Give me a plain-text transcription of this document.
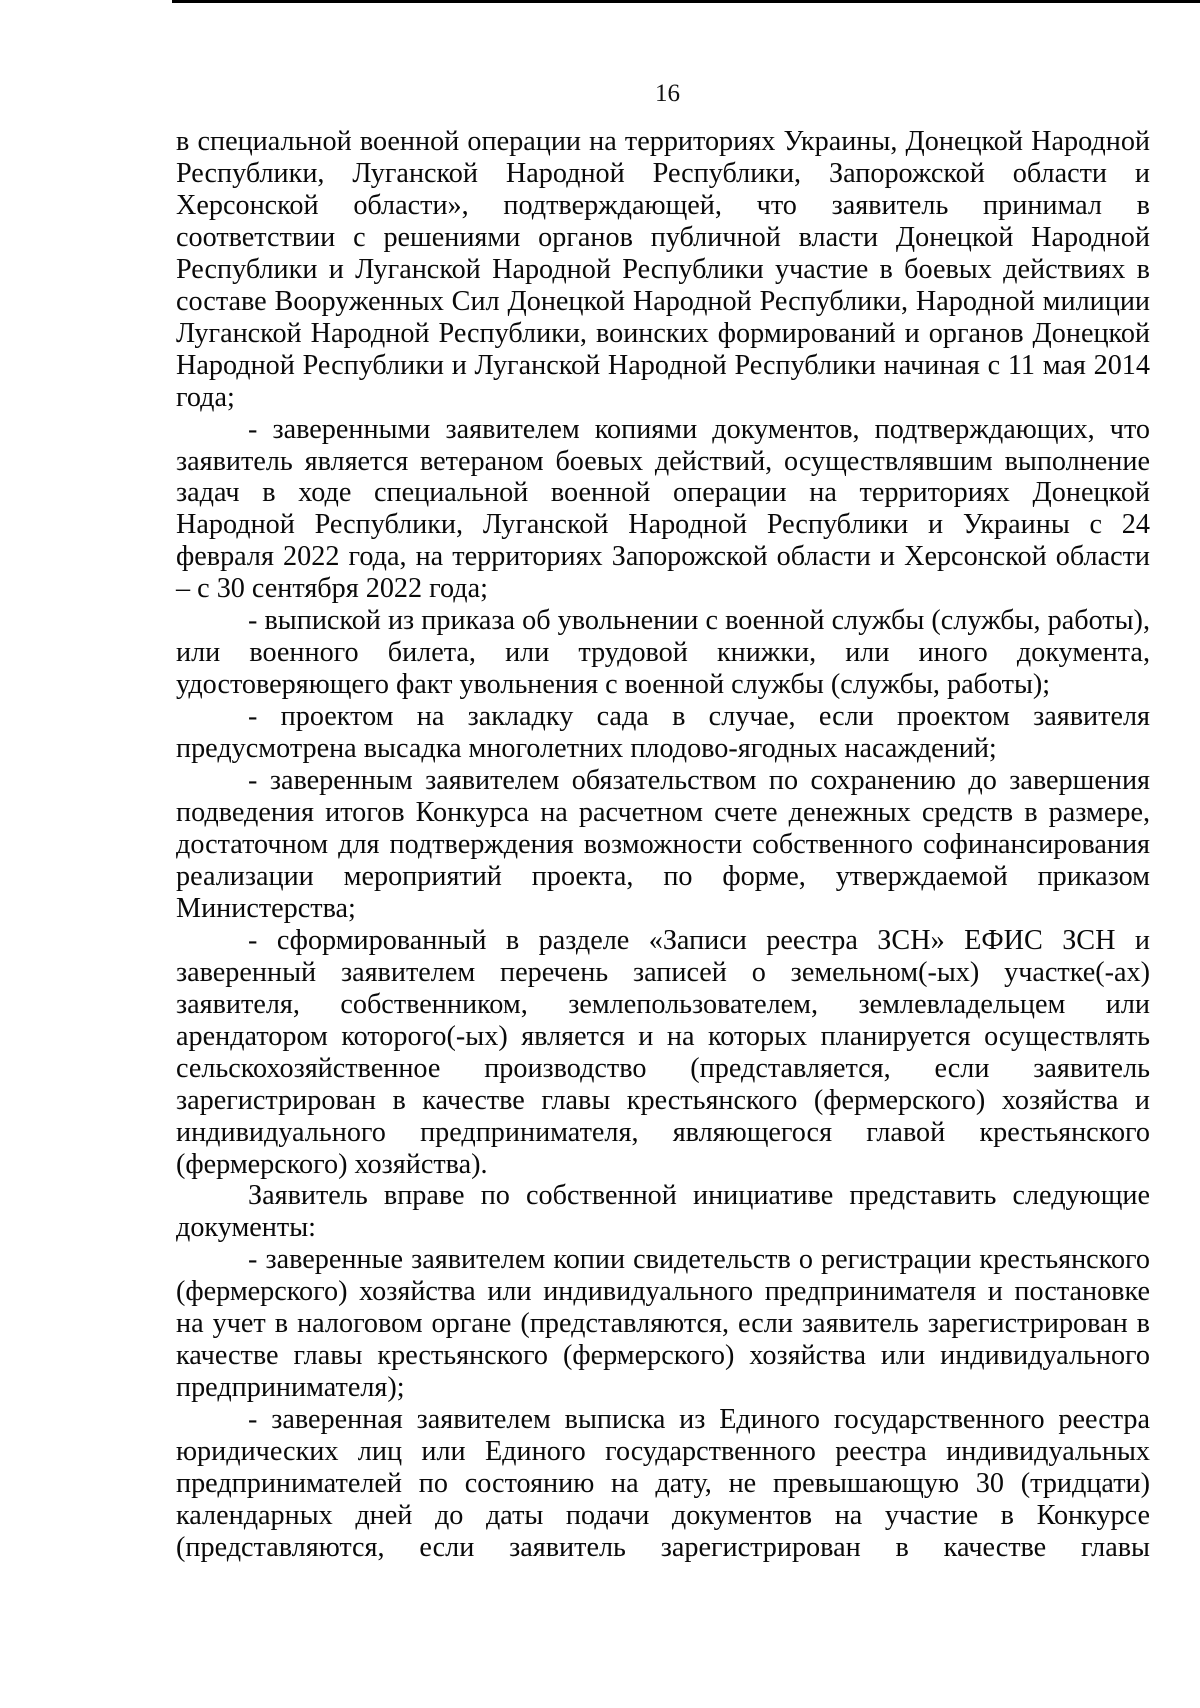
16

в специальной военной операции на территориях Украины, Донецкой Народной Республики, Луганской Народной Республики, Запорожской области и Херсонской области», подтверждающей, что заявитель принимал в соответствии с решениями органов публичной власти Донецкой Народной Республики и Луганской Народной Республики участие в боевых действиях в составе Вооруженных Сил Донецкой Народной Республики, Народной милиции Луганской Народной Республики, воинских формирований и органов Донецкой Народной Республики и Луганской Народной Республики начиная с 11 мая 2014 года;

- заверенными заявителем копиями документов, подтверждающих, что заявитель является ветераном боевых действий, осуществлявшим выполнение задач в ходе специальной военной операции на территориях Донецкой Народной Республики, Луганской Народной Республики и Украины с 24 февраля 2022 года, на территориях Запорожской области и Херсонской области – с 30 сентября 2022 года;

- выпиской из приказа об увольнении с военной службы (службы, работы), или военного билета, или трудовой книжки, или иного документа, удостоверяющего факт увольнения с военной службы (службы, работы);

- проектом на закладку сада в случае, если проектом заявителя предусмотрена высадка многолетних плодово-ягодных насаждений;

- заверенным заявителем обязательством по сохранению до завершения подведения итогов Конкурса на расчетном счете денежных средств в размере, достаточном для подтверждения возможности собственного софинансирования реализации мероприятий проекта, по форме, утверждаемой приказом Министерства;

- сформированный в разделе «Записи реестра ЗСН» ЕФИС ЗСН и заверенный заявителем перечень записей о земельном(-ых) участке(-ах) заявителя, собственником, землепользователем, землевладельцем или арендатором которого(-ых) является и на которых планируется осуществлять сельскохозяйственное производство (представляется, если заявитель зарегистрирован в качестве главы крестьянского (фермерского) хозяйства и индивидуального предпринимателя, являющегося главой крестьянского (фермерского) хозяйства).

Заявитель вправе по собственной инициативе представить следующие документы:

- заверенные заявителем копии свидетельств о регистрации крестьянского (фермерского) хозяйства или индивидуального предпринимателя и постановке на учет в налоговом органе (представляются, если заявитель зарегистрирован в качестве главы крестьянского (фермерского) хозяйства или индивидуального предпринимателя);

- заверенная заявителем выписка из Единого государственного реестра юридических лиц или Единого государственного реестра индивидуальных предпринимателей по состоянию на дату, не превышающую 30 (тридцати) календарных дней до даты подачи документов на участие в Конкурсе (представляются, если заявитель зарегистрирован в качестве главы
